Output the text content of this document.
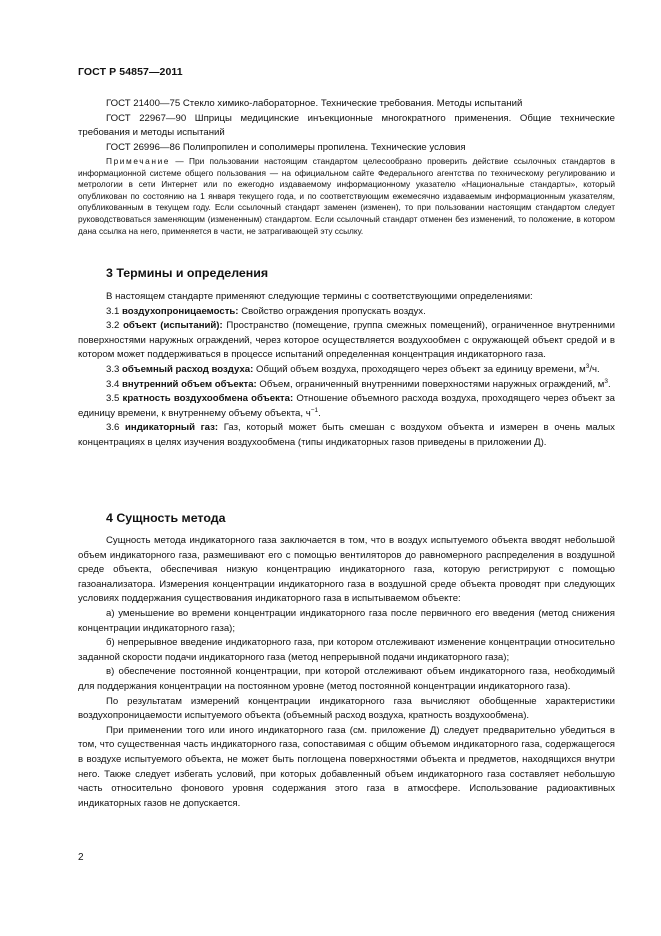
ГОСТ Р 54857—2011

ГОСТ 21400—75 Стекло химико-лабораторное. Технические требования. Методы испытаний

ГОСТ 22967—90 Шприцы медицинские инъекционные многократного применения. Общие технические требования и методы испытаний

ГОСТ 26996—86 Полипропилен и сополимеры пропилена. Технические условия

Примечание — При пользовании настоящим стандартом целесообразно проверить действие ссылочных стандартов в информационной системе общего пользования — на официальном сайте Федерального агентства по техническому регулированию и метрологии в сети Интернет или по ежегодно издаваемому информационному указателю «Национальные стандарты», который опубликован по состоянию на 1 января текущего года, и по соответствующим ежемесячно издаваемым информационным указателям, опубликованным в текущем году. Если ссылочный стандарт заменен (изменен), то при пользовании настоящим стандартом следует руководствоваться заменяющим (измененным) стандартом. Если ссылочный стандарт отменен без изменений, то положение, в котором дана ссылка на него, применяется в части, не затрагивающей эту ссылку.

3 Термины и определения

В настоящем стандарте применяют следующие термины с соответствующими определениями:

3.1 воздухопроницаемость: Свойство ограждения пропускать воздух.

3.2 объект (испытаний): Пространство (помещение, группа смежных помещений), ограниченное внутренними поверхностями наружных ограждений, через которое осуществляется воздухообмен с окружающей объект средой и в котором может поддерживаться в процессе испытаний определенная концентрация индикаторного газа.

3.3 объемный расход воздуха: Общий объем воздуха, проходящего через объект за единицу времени, $м^3/ч$.

3.4 внутренний объем объекта: Объем, ограниченный внутренними поверхностями наружных ограждений, $м^3$.

3.5 кратность воздухообмена объекта: Отношение объемного расхода воздуха, проходящего через объект за единицу времени, к внутреннему объему объекта, $ч^{-1}$.

3.6 индикаторный газ: Газ, который может быть смешан с воздухом объекта и измерен в очень малых концентрациях в целях изучения воздухообмена (типы индикаторных газов приведены в приложении Д).

4 Сущность метода

Сущность метода индикаторного газа заключается в том, что в воздух испытуемого объекта вводят небольшой объем индикаторного газа, размешивают его с помощью вентиляторов до равномерного распределения в воздушной среде объекта, обеспечивая низкую концентрацию индикаторного газа, которую регистрируют с помощью газоанализатора. Измерения концентрации индикаторного газа в воздушной среде объекта проводят при следующих условиях поддержания существования индикаторного газа в испытываемом объекте:

а) уменьшение во времени концентрации индикаторного газа после первичного его введения (метод снижения концентрации индикаторного газа);

б) непрерывное введение индикаторного газа, при котором отслеживают изменение концентрации относительно заданной скорости подачи индикаторного газа (метод непрерывной подачи индикаторного газа);

в) обеспечение постоянной концентрации, при которой отслеживают объем индикаторного газа, необходимый для поддержания концентрации на постоянном уровне (метод постоянной концентрации индикаторного газа).

По результатам измерений концентрации индикаторного газа вычисляют обобщенные характеристики воздухопроницаемости испытуемого объекта (объемный расход воздуха, кратность воздухообмена).

При применении того или иного индикаторного газа (см. приложение Д) следует предварительно убедиться в том, что существенная часть индикаторного газа, сопоставимая с общим объемом индикаторного газа, содержащегося в воздухе испытуемого объекта, не может быть поглощена поверхностями объекта и предметов, находящихся внутри него. Также следует избегать условий, при которых добавленный объем индикаторного газа составляет небольшую часть относительно фонового уровня содержания этого газа в атмосфере. Использование радиоактивных индикаторных газов не допускается.

2
